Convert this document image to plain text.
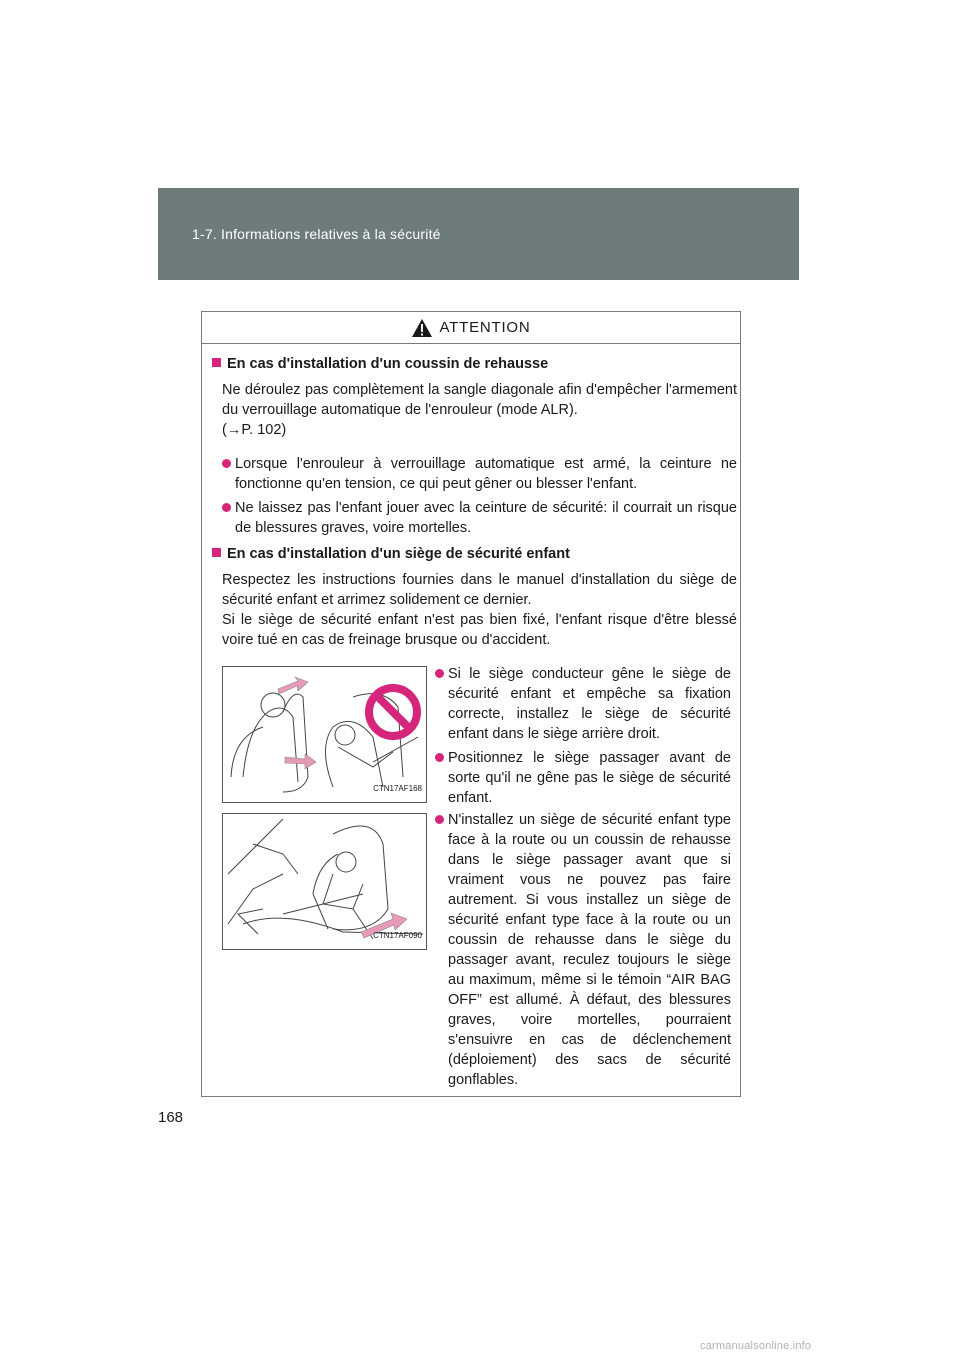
1-7. Informations relatives à la sécurité
ATTENTION
En cas d'installation d'un coussin de rehausse
Ne déroulez pas complètement la sangle diagonale afin d'empêcher l'armement du verrouillage automatique de l'enrouleur (mode ALR).
(→P. 102)
Lorsque l'enrouleur à verrouillage automatique est armé, la ceinture ne fonctionne qu'en tension, ce qui peut gêner ou blesser l'enfant.
Ne laissez pas l'enfant jouer avec la ceinture de sécurité: il courrait un risque de blessures graves, voire mortelles.
En cas d'installation d'un siège de sécurité enfant
Respectez les instructions fournies dans le manuel d'installation du siège de sécurité enfant et arrimez solidement ce dernier.
Si le siège de sécurité enfant n'est pas bien fixé, l'enfant risque d'être blessé voire tué en cas de freinage brusque ou d'accident.
CTN17AF168
CTN17AF090
Si le siège conducteur gêne le siège de sécurité enfant et empêche sa fixation correcte, installez le siège de sécurité enfant dans le siège arrière droit.
Positionnez le siège passager avant de sorte qu'il ne gêne pas le siège de sécurité enfant.
N'installez un siège de sécurité enfant type face à la route ou un coussin de rehausse dans le siège passager avant que si vraiment vous ne pouvez pas faire autrement. Si vous installez un siège de sécurité enfant type face à la route ou un coussin de rehausse dans le siège du passager avant, reculez toujours le siège au maximum, même si le témoin “AIR BAG OFF” est allumé. À défaut, des blessures graves, voire mortelles, pourraient s'ensuivre en cas de déclenchement (déploiement) des sacs de sécurité gonflables.
168
carmanualsonline.info
